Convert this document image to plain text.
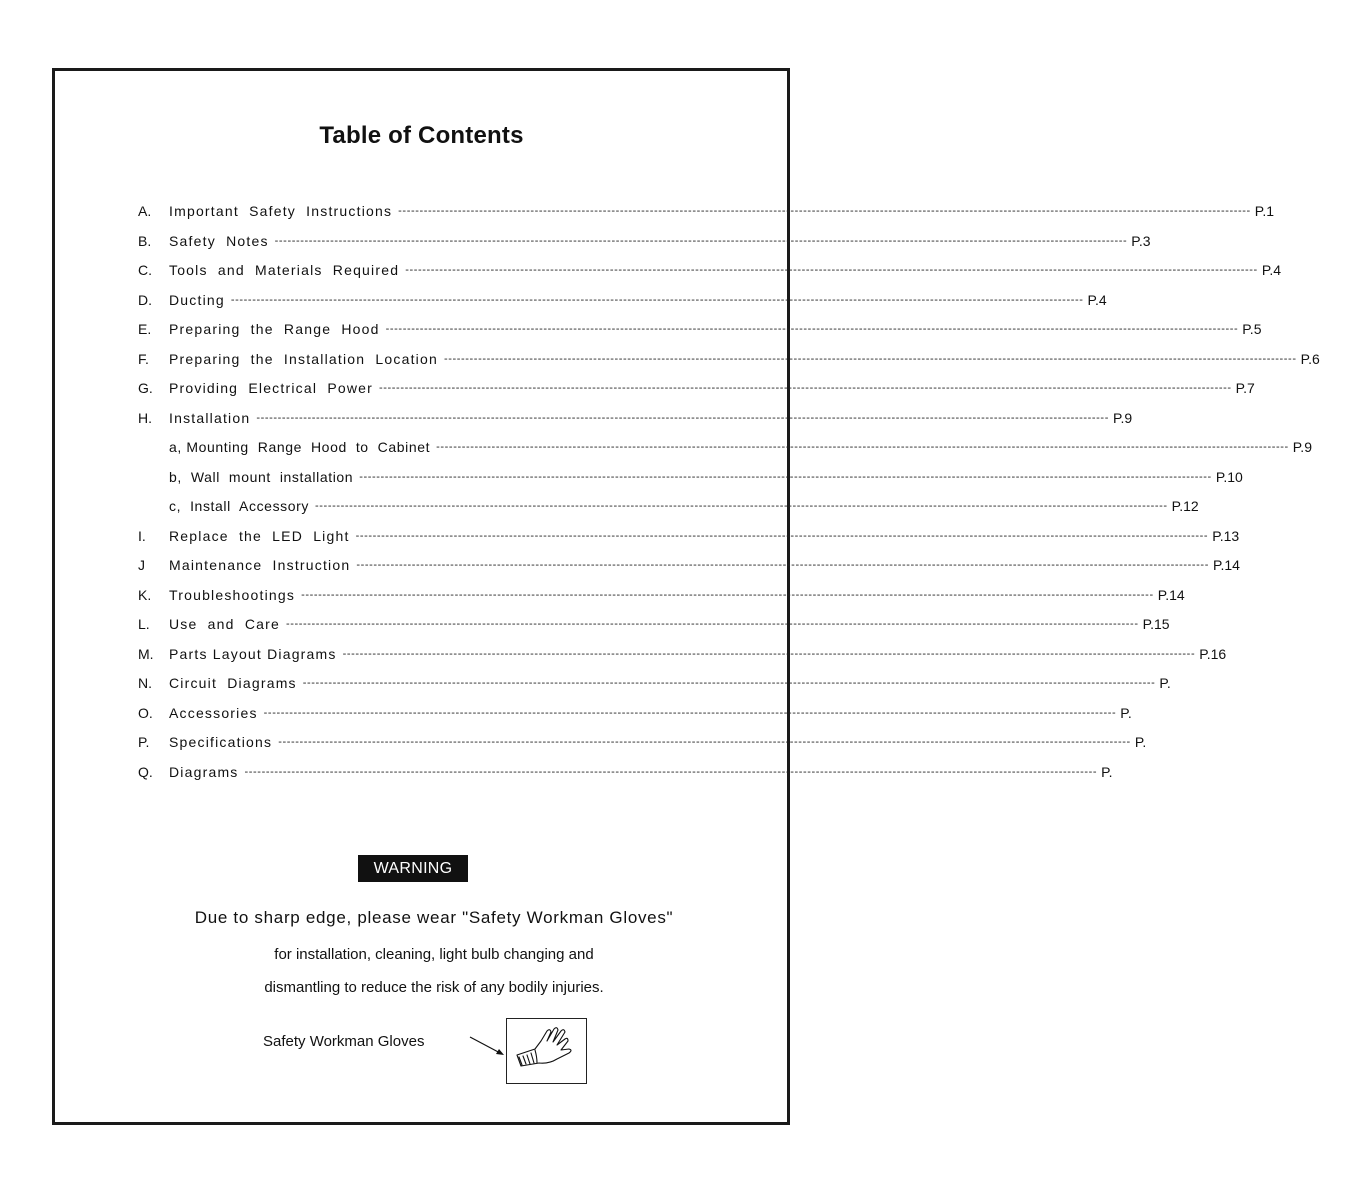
Table of Contents
A.	Important  Safety  Instructions -------------------------------------------------------------------------------------------------------------------------------------------------------------------------------------------------------- P.1
B.	Safety  Notes -------------------------------------------------------------------------------------------------------------------------------------------------------------------------------------------------------- P.3
C.	Tools  and  Materials  Required -------------------------------------------------------------------------------------------------------------------------------------------------------------------------------------------------------- P.4
D.	Ducting -------------------------------------------------------------------------------------------------------------------------------------------------------------------------------------------------------- P.4
E.	Preparing  the  Range  Hood -------------------------------------------------------------------------------------------------------------------------------------------------------------------------------------------------------- P.5
F.	Preparing  the  Installation  Location -------------------------------------------------------------------------------------------------------------------------------------------------------------------------------------------------------- P.6
G.	Providing  Electrical  Power -------------------------------------------------------------------------------------------------------------------------------------------------------------------------------------------------------- P.7
H.	Installation -------------------------------------------------------------------------------------------------------------------------------------------------------------------------------------------------------- P.9
a, Mounting  Range  Hood  to  Cabinet -------------------------------------------------------------------------------------------------------------------------------------------------------------------------------------------------------- P.9
b,  Wall  mount  installation -------------------------------------------------------------------------------------------------------------------------------------------------------------------------------------------------------- P.10
c,  Install  Accessory -------------------------------------------------------------------------------------------------------------------------------------------------------------------------------------------------------- P.12
I.	Replace  the  LED  Light -------------------------------------------------------------------------------------------------------------------------------------------------------------------------------------------------------- P.13
J	Maintenance  Instruction -------------------------------------------------------------------------------------------------------------------------------------------------------------------------------------------------------- P.14
K.	Troubleshootings -------------------------------------------------------------------------------------------------------------------------------------------------------------------------------------------------------- P.14
L.	Use  and  Care -------------------------------------------------------------------------------------------------------------------------------------------------------------------------------------------------------- P.15
M.	Parts Layout Diagrams -------------------------------------------------------------------------------------------------------------------------------------------------------------------------------------------------------- P.16
N.	Circuit  Diagrams -------------------------------------------------------------------------------------------------------------------------------------------------------------------------------------------------------- P.
O.	Accessories -------------------------------------------------------------------------------------------------------------------------------------------------------------------------------------------------------- P.
P.	Specifications -------------------------------------------------------------------------------------------------------------------------------------------------------------------------------------------------------- P.
Q.	Diagrams -------------------------------------------------------------------------------------------------------------------------------------------------------------------------------------------------------- P.
WARNING
Due to sharp edge, please wear "Safety Workman Gloves"
for installation, cleaning, light bulb changing and
dismantling to reduce the risk of any bodily injuries.
Safety Workman Gloves
